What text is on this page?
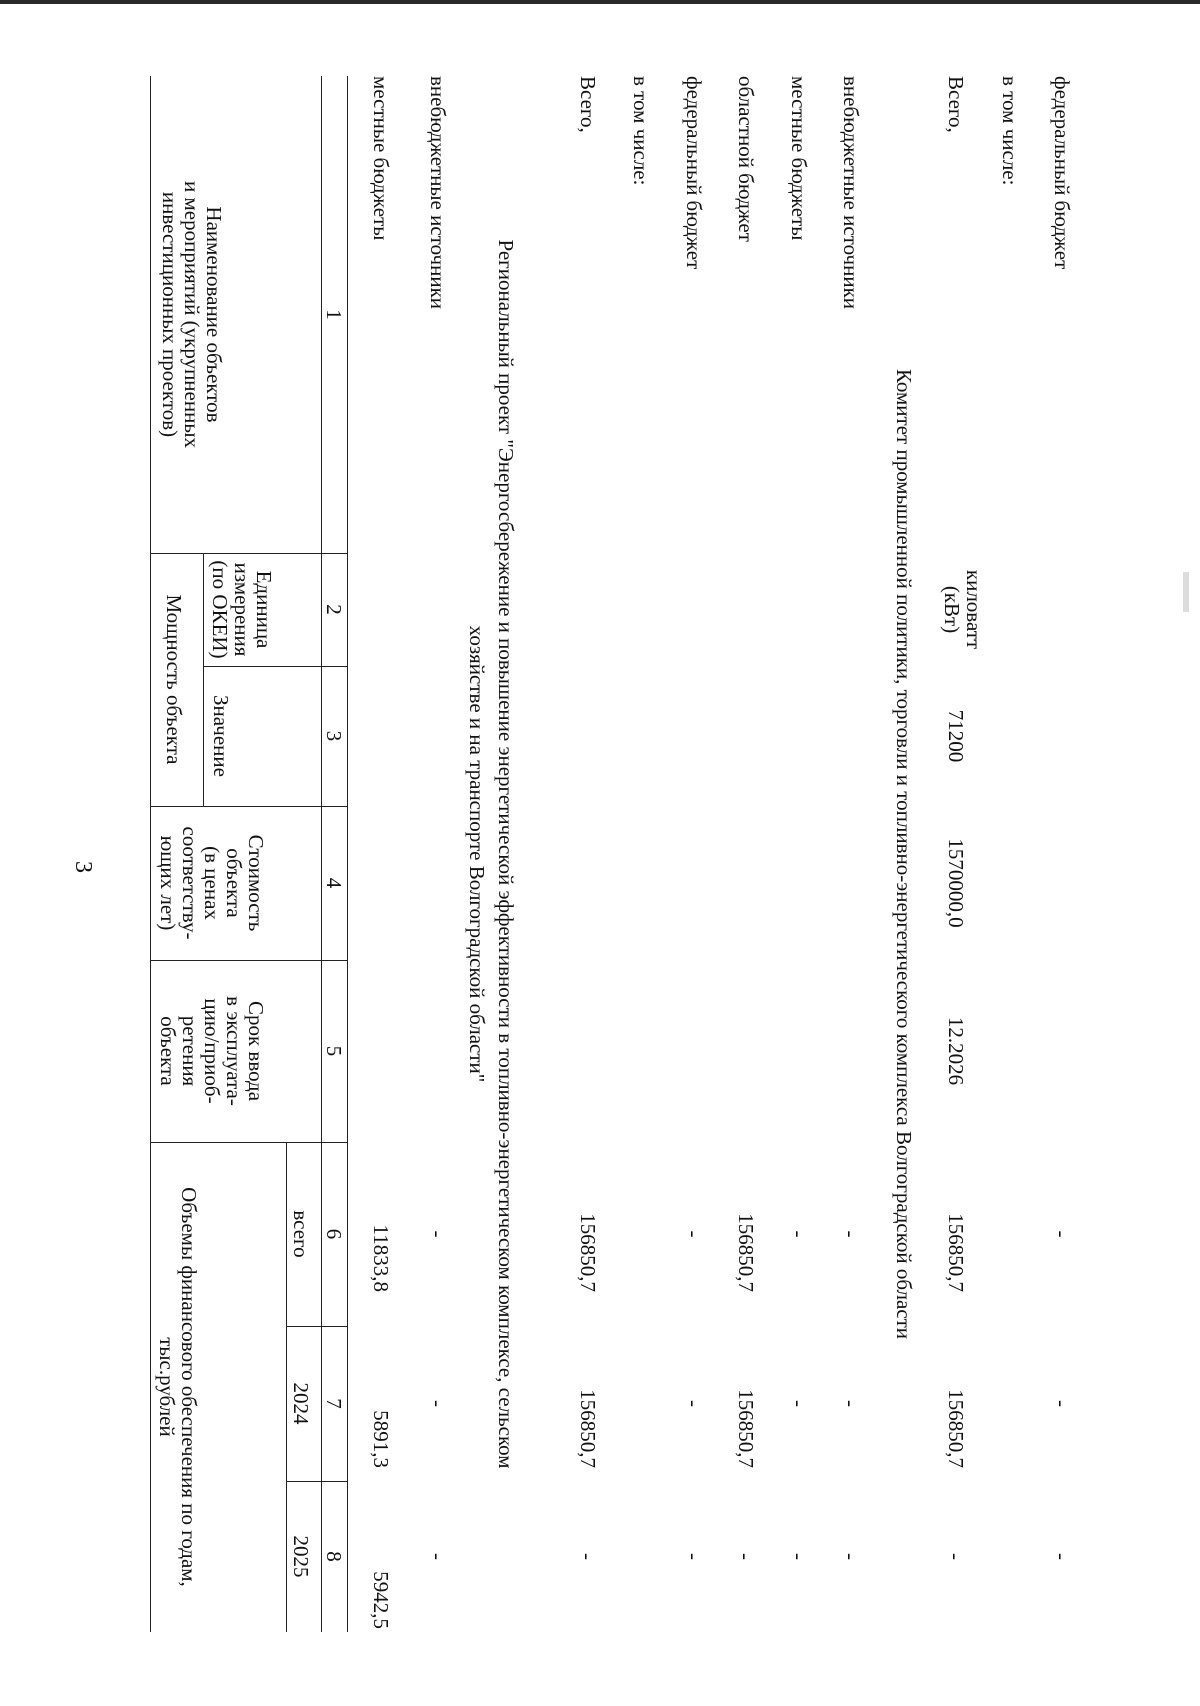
3
Наименование объектов
и мероприятий (укрупненных
инвестиционных проектов)
Мощность объекта	Единица
измерения
(по ОКЕИ)
Значение
Стоимость
объекта
(в ценах
соответству-
ющих лет)
Срок ввода
в эксплуата-
цию/приоб-
ретения
объекта
Объемы финансового обеспечения по годам,
тыс.рублей
всего
2024
2025
1
2
3
4
5
6
7
8
местные бюджеты
11833,8
5891,3
5942,5
внебюджетные источники
-
-
-
Региональный проект "Энергосбережение и повышение энергетической эффективности в топливно-энергетическом комплексе, сельском
хозяйстве и на транспорте Волгоградской области"
Всего,
156850,7
156850,7
-
в том числе: федеральный бюджет
-
-
-
областной бюджет
156850,7
156850,7
-
местные бюджеты
-
-
-
внебюджетные источники
-
-
-
Комитет промышленной политики, торговли и топливно-энергетического комплекса Волгоградской области
Всего,
киловатт
(кВт)
71200
1570000,0
12.2026
156850,7
156850,7
-
в том числе: федеральный бюджет
-
-
-
